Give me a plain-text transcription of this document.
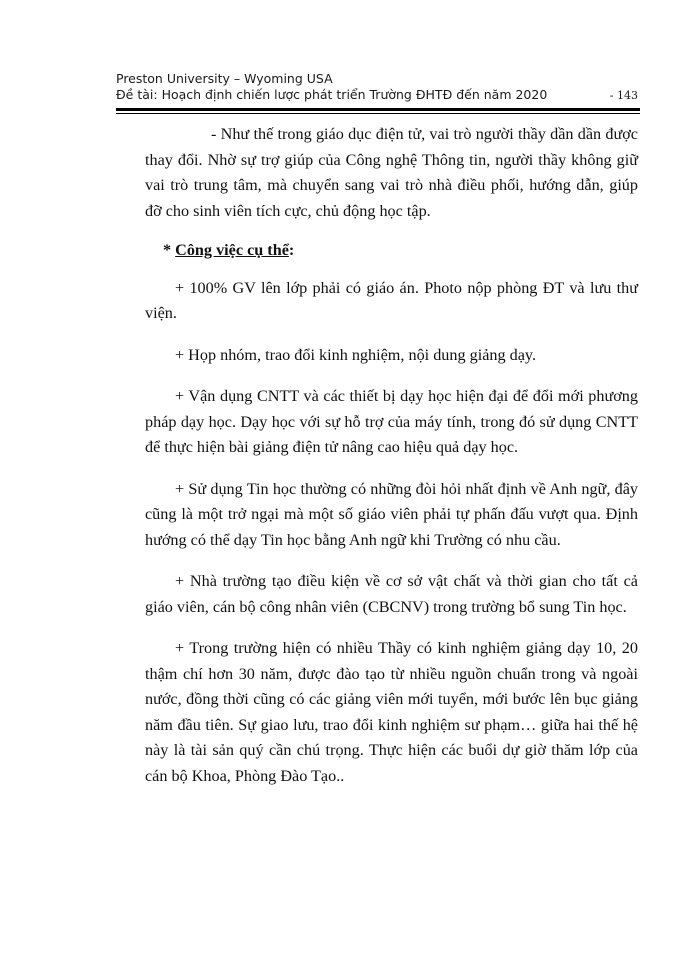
Preston University – Wyoming USA
Đề tài: Hoạch định chiến lược phát triển Trường ĐHTĐ đến năm 2020	- 143

- Như thế trong giáo dục điện tử, vai trò người thầy dần dần được thay đổi. Nhờ sự trợ giúp của Công nghệ Thông tin, người thầy không giữ vai trò trung tâm, mà chuyển sang vai trò nhà điều phối, hướng dẫn, giúp đỡ cho sinh viên tích cực, chủ động học tập.

* Công việc cụ thể:

+ 100% GV lên lớp phải có giáo án. Photo nộp phòng ĐT và lưu thư viện.

+ Họp nhóm, trao đổi kinh nghiệm, nội dung giảng dạy.

+ Vận dụng CNTT và các thiết bị dạy học hiện đại để đổi mới phương pháp dạy học. Dạy học với sự hỗ trợ của máy tính, trong đó sử dụng CNTT để thực hiện bài giảng điện tử nâng cao hiệu quả dạy học.

+ Sử dụng Tin học thường có những đòi hỏi nhất định về Anh ngữ, đây cũng là một trở ngại mà một số giáo viên phải tự phấn đấu vượt qua. Định hướng có thể dạy Tin học bằng Anh ngữ khi Trường có nhu cầu.

+ Nhà trường tạo điều kiện về cơ sở vật chất và thời gian cho tất cả giáo viên, cán bộ công nhân viên (CBCNV) trong trường bổ sung Tin học.

+ Trong trường hiện có nhiều Thầy có kinh nghiệm giảng dạy 10, 20 thậm chí hơn 30 năm, được đào tạo từ nhiều nguồn chuẩn trong và ngoài nước, đồng thời cũng có các giảng viên mới tuyển, mới bước lên bục giảng năm đầu tiên. Sự giao lưu, trao đổi kinh nghiệm sư phạm… giữa hai thế hệ này là tài sản quý cần chú trọng. Thực hiện các buổi dự giờ thăm lớp của cán bộ Khoa, Phòng Đào Tạo..
